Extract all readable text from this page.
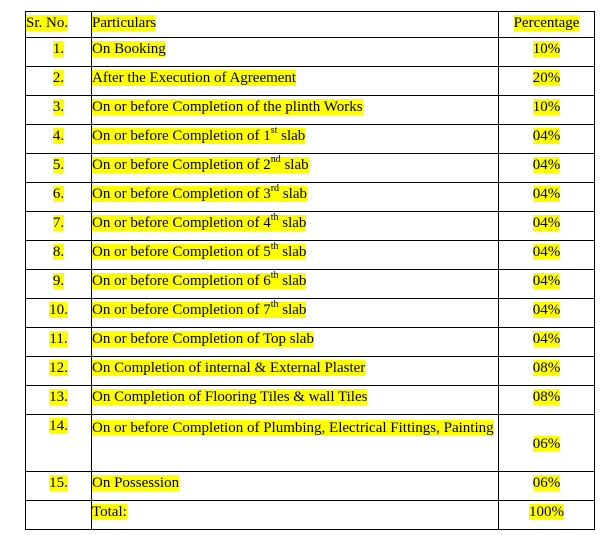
Sr. No.	Particulars	Percentage
1.	On Booking	10%
2.	After the Execution of Agreement	20%
3.	On or before Completion of the plinth Works	10%
4.	On or before Completion of 1st slab	04%
5.	On or before Completion of 2nd slab	04%
6.	On or before Completion of 3rd slab	04%
7.	On or before Completion of 4th slab	04%
8.	On or before Completion of 5th slab	04%
9.	On or before Completion of 6th slab	04%
10.	On or before Completion of 7th slab	04%
11.	On or before Completion of Top slab	04%
12.	On Completion of internal & External Plaster	08%
13.	On Completion of Flooring Tiles & wall Tiles	08%
14.	On or before Completion of Plumbing, Electrical Fittings, Painting	06%
15.	On Possession	06%
	Total:	100%
